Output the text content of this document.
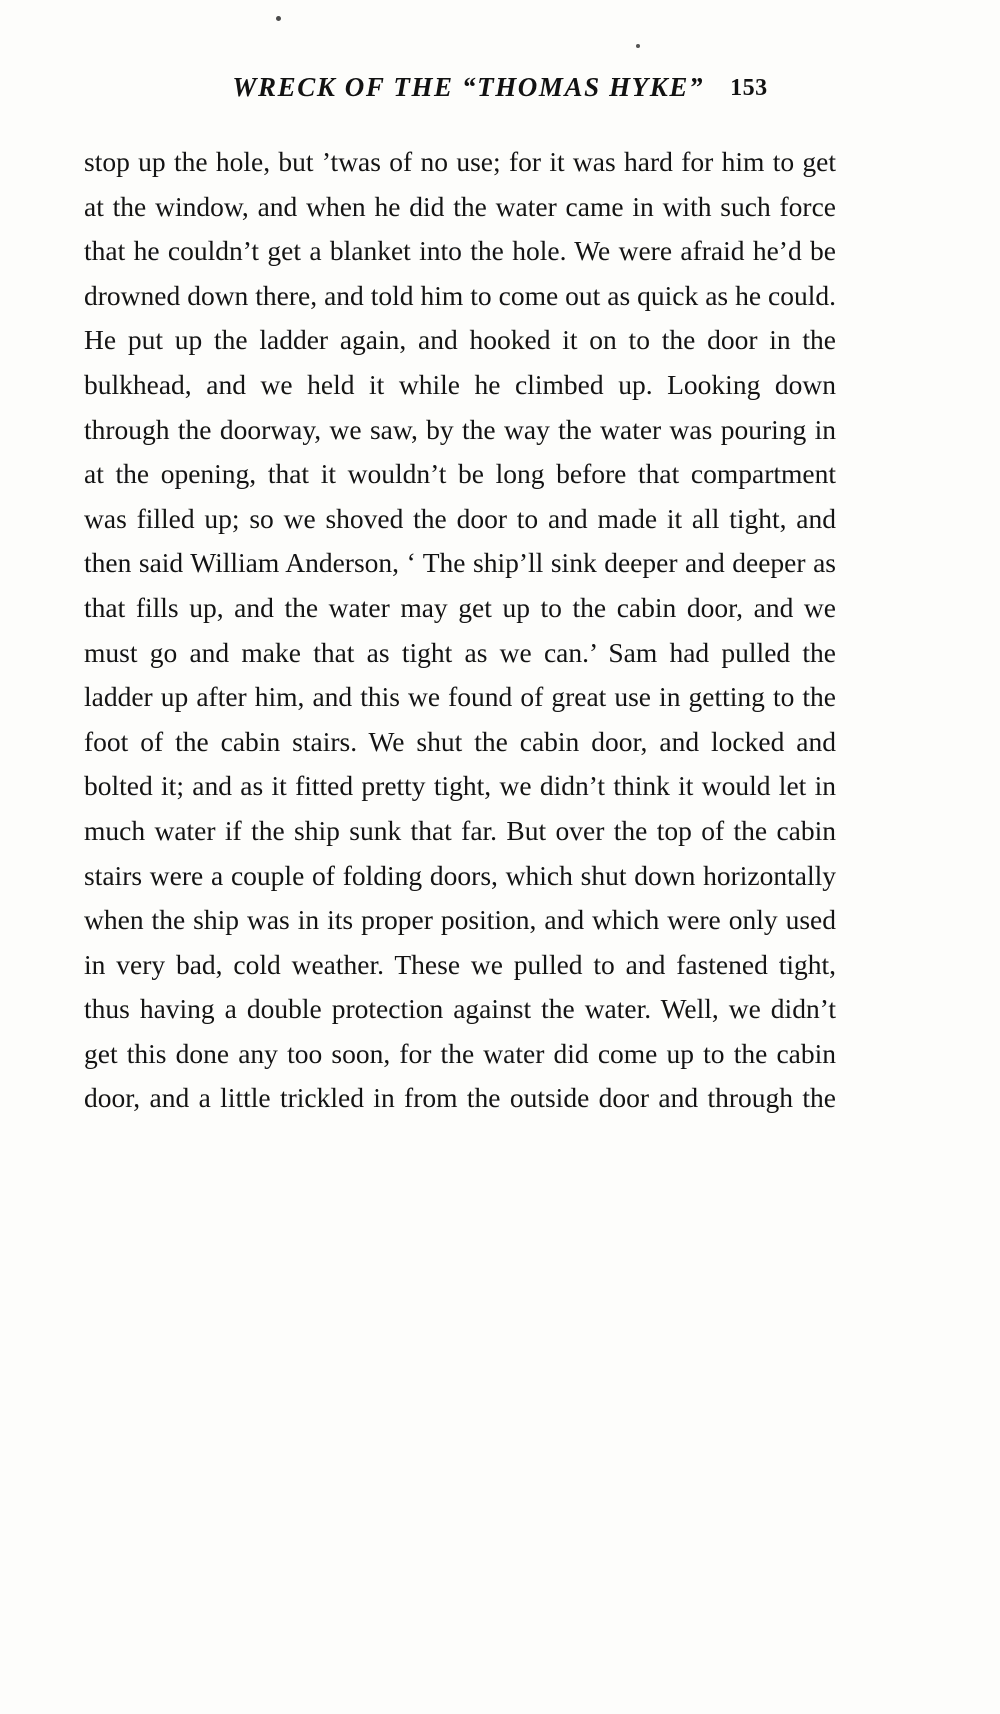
WRECK OF THE “THOMAS HYKE” 153

stop up the hole, but ’twas of no use; for it was hard for him to get at the window, and when he did the water came in with such force that he couldn’t get a blanket into the hole. We were afraid he’d be drowned down there, and told him to come out as quick as he could. He put up the ladder again, and hooked it on to the door in the bulkhead, and we held it while he climbed up. Looking down through the doorway, we saw, by the way the water was pouring in at the opening, that it wouldn’t be long before that compartment was filled up; so we shoved the door to and made it all tight, and then said William Anderson, ‘ The ship’ll sink deeper and deeper as that fills up, and the water may get up to the cabin door, and we must go and make that as tight as we can.’ Sam had pulled the ladder up after him, and this we found of great use in getting to the foot of the cabin stairs. We shut the cabin door, and locked and bolted it; and as it fitted pretty tight, we didn’t think it would let in much water if the ship sunk that far. But over the top of the cabin stairs were a couple of folding doors, which shut down horizontally when the ship was in its proper position, and which were only used in very bad, cold weather. These we pulled to and fastened tight, thus having a double protection against the water. Well, we didn’t get this done any too soon, for the water did come up to the cabin door, and a little trickled in from the outside door and through the
